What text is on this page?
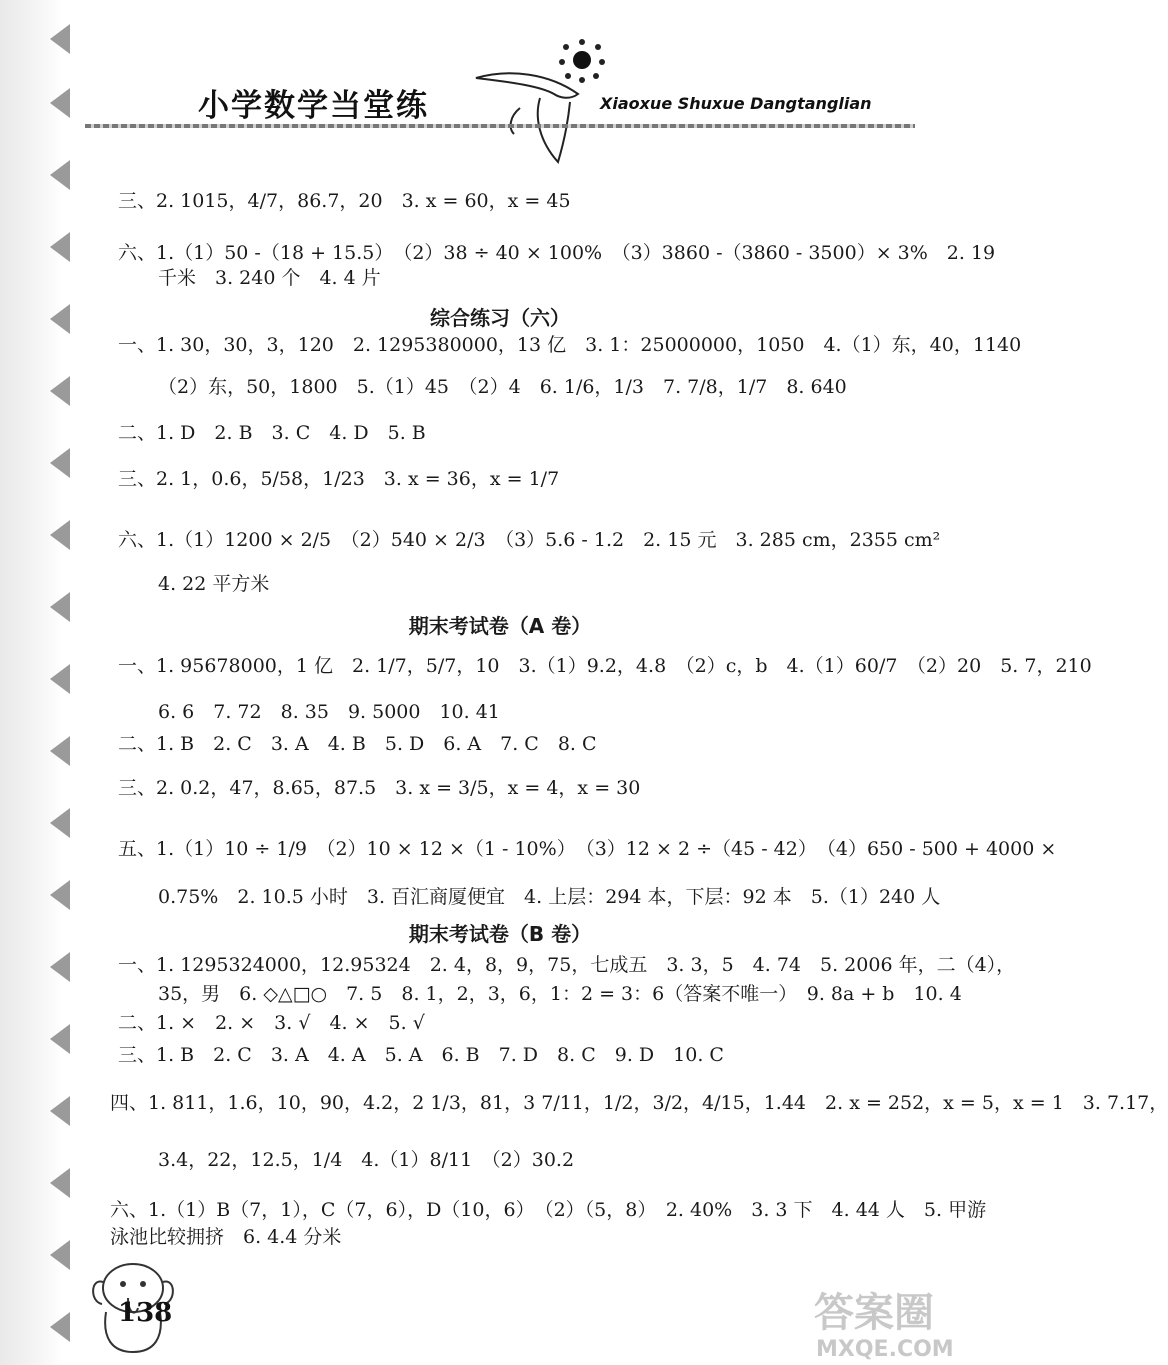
小学数学当堂练	Xiaoxue Shuxue Dangtanglian
三、2. 1015，4/7，86.7，20　3. x = 60，x = 45
六、1.（1）50 -（18 + 15.5）　（2）38 ÷ 40 × 100%　（3）3860 -（3860 - 3500）× 3%　2. 19
千米　3. 240 个　4. 4 片
综合练习（六）
一、1. 30，30，3，120　2. 1295380000，13 亿　3. 1：25000000，1050　4.（1）东，40，1140
（2）东，50，1800　5.（1）45　（2）4　6. 1/6，1/3　7. 7/8，1/7　8. 640
二、1. D　2. B　3. C　4. D　5. B
三、2. 1，0.6，5/58，1/23　3. x = 36，x = 1/7
六、1.（1）1200 × 2/5　（2）540 × 2/3　（3）5.6 - 1.2　2. 15 元　3. 285 cm，2355 cm²
4. 22 平方米
期末考试卷（A 卷）
一、1. 95678000，1 亿　2. 1/7，5/7，10　3.（1）9.2，4.8　（2）c，b　4.（1）60/7　（2）20　5. 7，210
6. 6　7. 72　8. 35　9. 5000　10. 41
二、1. B　2. C　3. A　4. B　5. D　6. A　7. C　8. C
三、2. 0.2，47，8.65，87.5　3. x = 3/5，x = 4，x = 30
五、1.（1）10 ÷ 1/9　（2）10 × 12 ×（1 - 10%）　（3）12 × 2 ÷（45 - 42）　（4）650 - 500 + 4000 ×
0.75%　2. 10.5 小时　3. 百汇商厦便宜　4. 上层：294 本，下层：92 本　5.（1）240 人
期末考试卷（B 卷）
一、1. 1295324000，12.95324　2. 4，8，9，75，七成五　3. 3，5　4. 74　5. 2006 年，二（4），
35，男　6. ◇△□○　7. 5　8. 1，2，3，6，1：2 = 3：6（答案不唯一）　9. 8a + b　10. 4
二、1. ×　2. ×　3. √　4. ×　5. √
三、1. B　2. C　3. A　4. A　5. A　6. B　7. D　8. C　9. D　10. C
四、1. 811，1.6，10，90，4.2，2 1/3，81，3 7/11，1/2，3/2，4/15，1.44　2. x = 252，x = 5，x = 1　3. 7.17，
3.4，22，12.5，1/4　4.（1）8/11　（2）30.2
六、1.（1）B（7，1），C（7，6），D（10，6）　（2）（5，8）　2. 40%　3. 3 下　4. 44 人　5. 甲游
泳池比较拥挤　6. 4.4 分米
138	答案圈
MXQE.COM
